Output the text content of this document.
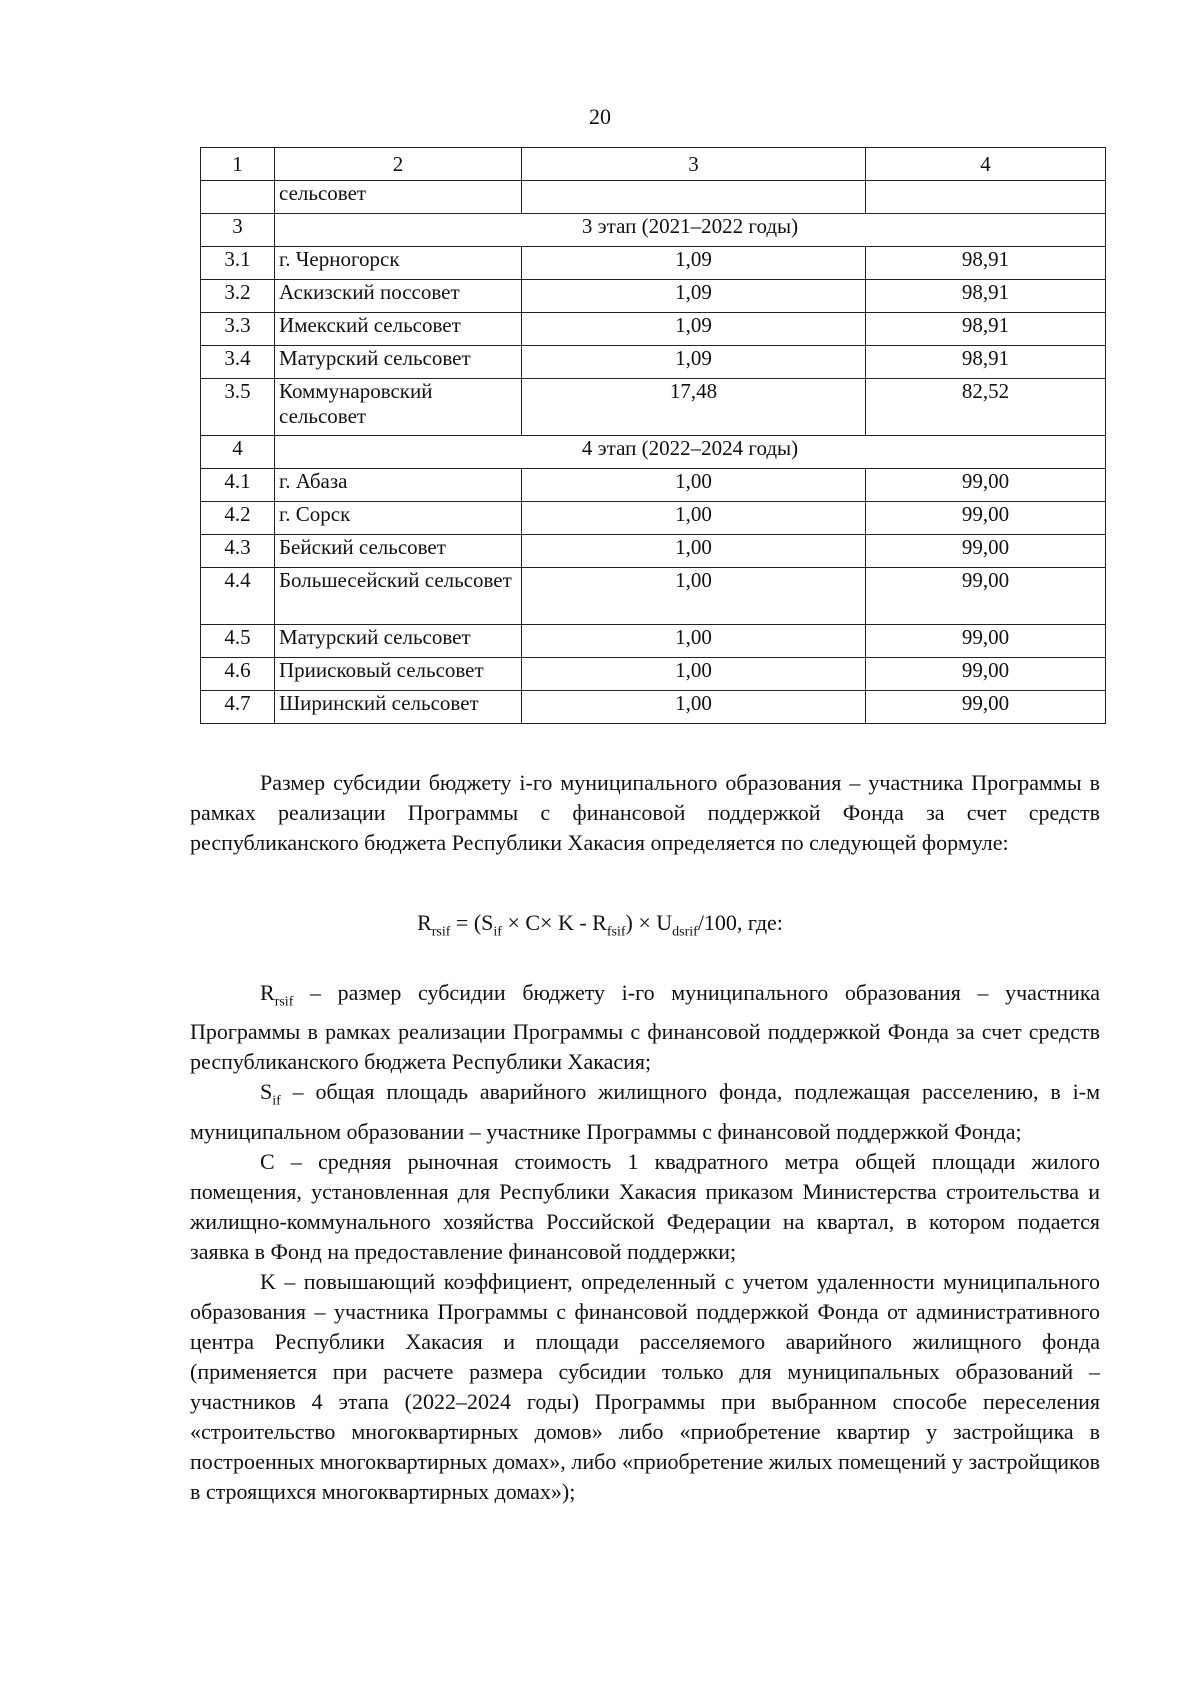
20
1	2	3	4
	сельсовет		
3	3 этап (2021–2022 годы)		
3.1	г. Черногорск	1,09	98,91
3.2	Аскизский поссовет	1,09	98,91
3.3	Имекский сельсовет	1,09	98,91
3.4	Матурский сельсовет	1,09	98,91
3.5	Коммунаровский сельсовет	17,48	82,52
4	4 этап (2022–2024 годы)		
4.1	г. Абаза	1,00	99,00
4.2	г. Сорск	1,00	99,00
4.3	Бейский сельсовет	1,00	99,00
4.4	Большесейский сельсовет	1,00	99,00
4.5	Матурский сельсовет	1,00	99,00
4.6	Приисковый сельсовет	1,00	99,00
4.7	Ширинский сельсовет	1,00	99,00

Размер субсидии бюджету i-го муниципального образования – участника Программы в рамках реализации Программы с финансовой поддержкой Фонда за счет средств республиканского бюджета Республики Хакасия определяется по следующей формуле:

$R_{rsif} = (S_{if} \times C\times K - R_{fsif}) \times U_{dsrif}/100$, где:

$R_{rsif}$ – размер субсидии бюджету i-го муниципального образования – участника Программы в рамках реализации Программы с финансовой поддержкой Фонда за счет средств республиканского бюджета Республики Хакасия;

$S_{if}$ – общая площадь аварийного жилищного фонда, подлежащая расселению, в i-м муниципальном образовании – участнике Программы с финансовой поддержкой Фонда;

C – средняя рыночная стоимость 1 квадратного метра общей площади жилого помещения, установленная для Республики Хакасия приказом Министерства строительства и жилищно-коммунального хозяйства Российской Федерации на квартал, в котором подается заявка в Фонд на предоставление финансовой поддержки;

K – повышающий коэффициент, определенный с учетом удаленности муниципального образования – участника Программы с финансовой поддержкой Фонда от административного центра Республики Хакасия и площади расселяемого аварийного жилищного фонда (применяется при расчете размера субсидии только для муниципальных образований – участников 4 этапа (2022–2024 годы) Программы при выбранном способе переселения «строительство многоквартирных домов» либо «приобретение квартир у застройщика в построенных многоквартирных домах», либо «приобретение жилых помещений у застройщиков в строящихся многоквартирных домах»);
